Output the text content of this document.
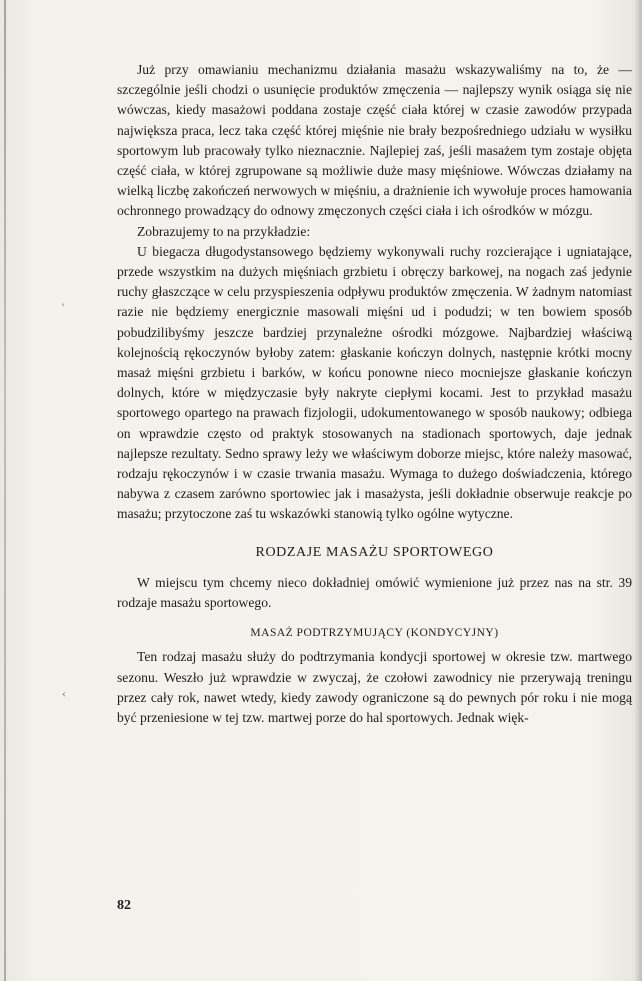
'
‹

Już przy omawianiu mechanizmu działania masażu wskazywaliśmy na to, że — szczególnie jeśli chodzi o usunięcie produktów zmęczenia — najlepszy wynik osiąga się nie wówczas, kiedy masażowi poddana zostaje część ciała której w czasie zawodów przypada największa praca, lecz taka część której mięśnie nie brały bezpośredniego udziału w wysiłku sportowym lub pracowały tylko nieznacznie. Najlepiej zaś, jeśli masażem tym zostaje objęta część ciała, w której zgrupowane są możliwie duże masy mięśniowe. Wówczas działamy na wielką liczbę zakończeń nerwowych w mięśniu, a drażnienie ich wywołuje proces hamowania ochronnego prowadzący do odnowy zmęczonych części ciała i ich ośrodków w mózgu.

Zobrazujemy to na przykładzie:

U biegacza długodystansowego będziemy wykonywali ruchy rozcierające i ugniatające, przede wszystkim na dużych mięśniach grzbietu i obręczy barkowej, na nogach zaś jedynie ruchy głaszczące w celu przyspieszenia odpływu produktów zmęczenia. W żadnym natomiast razie nie będziemy energicznie masowali mięśni ud i podudzi; w ten bowiem sposób pobudzilibyśmy jeszcze bardziej przynależne ośrodki mózgowe. Najbardziej właściwą kolejnością rękoczynów byłoby zatem: głaskanie kończyn dolnych, następnie krótki mocny masaż mięśni grzbietu i barków, w końcu ponowne nieco mocniejsze głaskanie kończyn dolnych, które w międzyczasie były nakryte ciepłymi kocami. Jest to przykład masażu sportowego opartego na prawach fizjologii, udokumentowanego w sposób naukowy; odbiega on wprawdzie często od praktyk stosowanych na stadionach sportowych, daje jednak najlepsze rezultaty. Sedno sprawy leży we właściwym doborze miejsc, które należy masować, rodzaju rękoczynów i w czasie trwania masażu. Wymaga to dużego doświadczenia, którego nabywa z czasem zarówno sportowiec jak i masażysta, jeśli dokładnie obserwuje reakcje po masażu; przytoczone zaś tu wskazówki stanowią tylko ogólne wytyczne.

RODZAJE MASAŻU SPORTOWEGO

W miejscu tym chcemy nieco dokładniej omówić wymienione już przez nas na str. 39 rodzaje masażu sportowego.

MASAŻ PODTRZYMUJĄCY (KONDYCYJNY)

Ten rodzaj masażu służy do podtrzymania kondycji sportowej w okresie tzw. martwego sezonu. Weszło już wprawdzie w zwyczaj, że czołowi zawodnicy nie przerywają treningu przez cały rok, nawet wtedy, kiedy zawody ograniczone są do pewnych pór roku i nie mogą być przeniesione w tej tzw. martwej porze do hal sportowych. Jednak więk-

82
